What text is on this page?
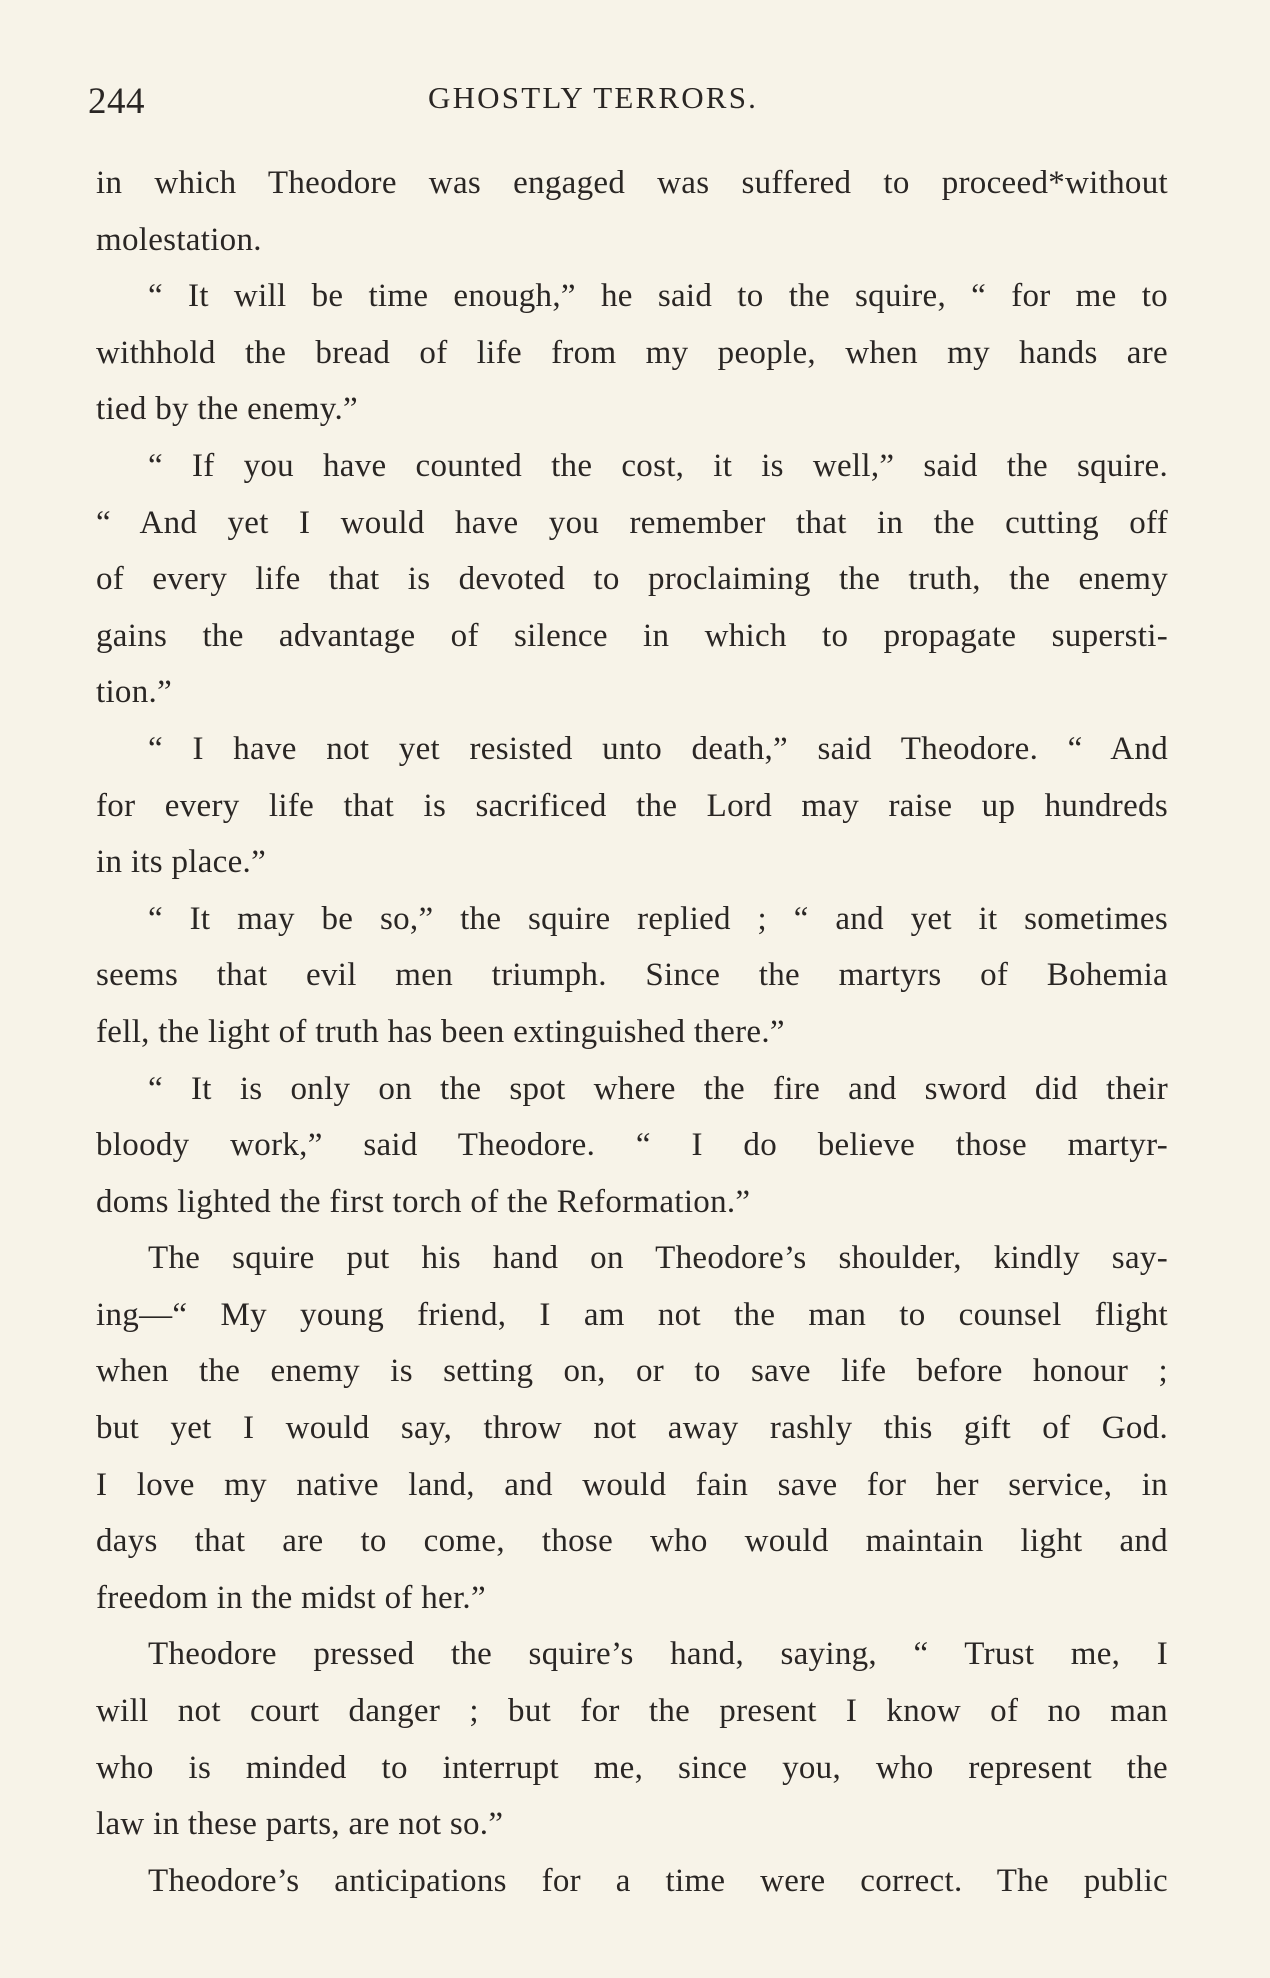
244	GHOSTLY TERRORS.
in which Theodore was engaged was suffered to proceed*without
molestation.
“ It will be time enough,” he said to the squire, “ for me to
withhold the bread of life from my people, when my hands are
tied by the enemy.”
“ If you have counted the cost, it is well,” said the squire.
“ And yet I would have you remember that in the cutting off
of every life that is devoted to proclaiming the truth, the enemy
gains the advantage of silence in which to propagate supersti-
tion.”
“ I have not yet resisted unto death,” said Theodore. “ And
for every life that is sacrificed the Lord may raise up hundreds
in its place.”
“ It may be so,” the squire replied ; “ and yet it sometimes
seems that evil men triumph. Since the martyrs of Bohemia
fell, the light of truth has been extinguished there.”
“ It is only on the spot where the fire and sword did their
bloody work,” said Theodore. “ I do believe those martyr-
doms lighted the first torch of the Reformation.”
The squire put his hand on Theodore’s shoulder, kindly say-
ing—“ My young friend, I am not the man to counsel flight
when the enemy is setting on, or to save life before honour ;
but yet I would say, throw not away rashly this gift of God.
I love my native land, and would fain save for her service, in
days that are to come, those who would maintain light and
freedom in the midst of her.”
Theodore pressed the squire’s hand, saying, “ Trust me, I
will not court danger ; but for the present I know of no man
who is minded to interrupt me, since you, who represent the
law in these parts, are not so.”
Theodore’s anticipations for a time were correct. The public
